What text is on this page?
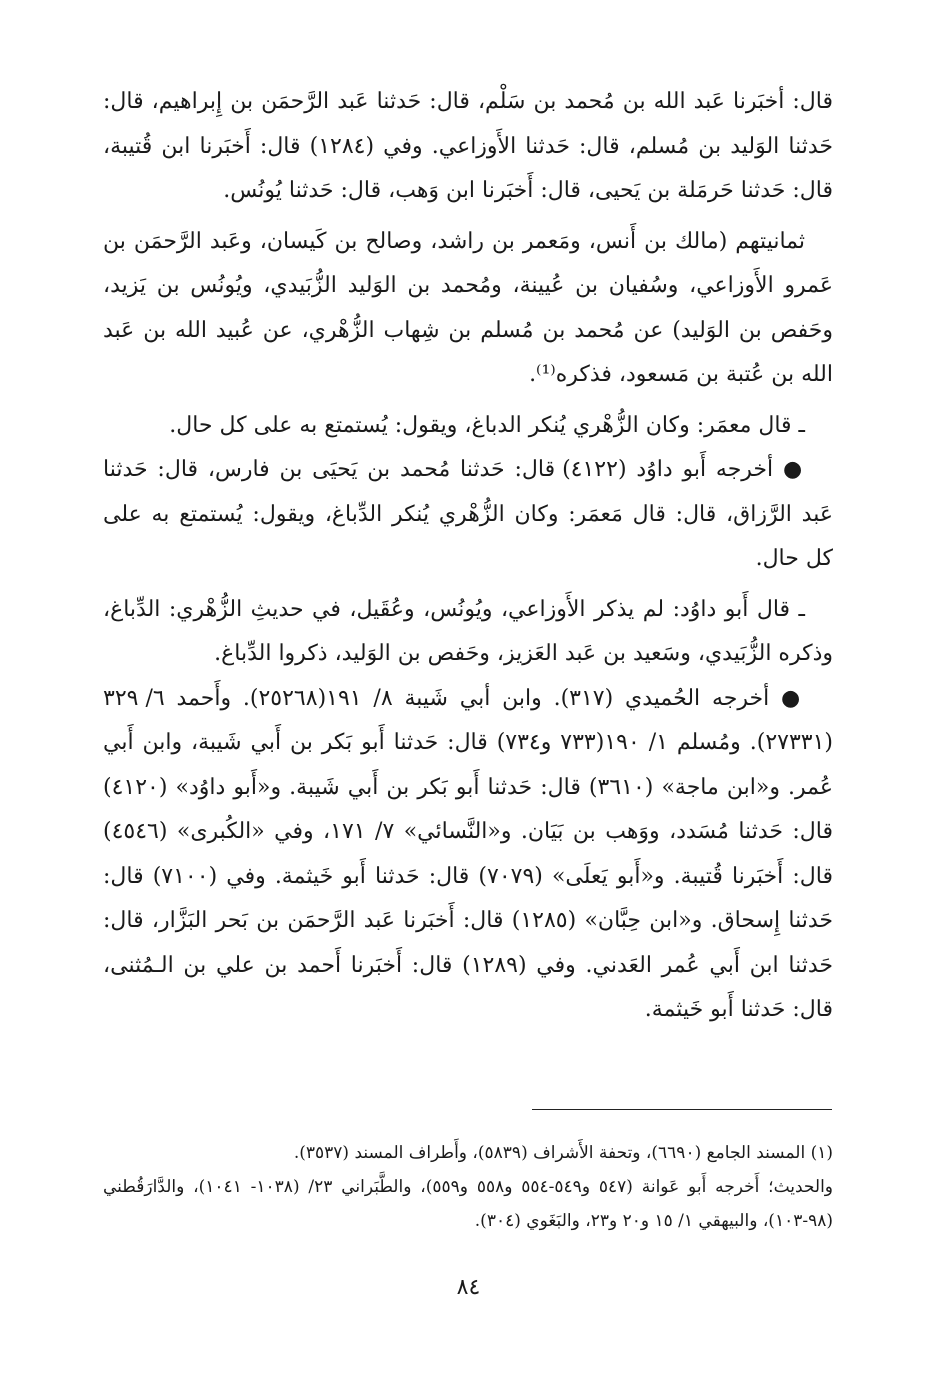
قال: أخبَرنا عَبد الله بن مُحمد بن سَلْم، قال: حَدثنا عَبد الرَّحمَن بن إِبراهيم، قال: حَدثنا الوَليد بن مُسلم، قال: حَدثنا الأَوزاعي. وفي (١٢٨٤) قال: أَخبَرنا ابن قُتيبة، قال: حَدثنا حَرمَلة بن يَحيى، قال: أَخبَرنا ابن وَهب، قال: حَدثنا يُونُس.

ثمانيتهم (مالك بن أَنس، ومَعمر بن راشد، وصالح بن كَيسان، وعَبد الرَّحمَن بن عَمرو الأَوزاعي، وسُفيان بن عُيينة، ومُحمد بن الوَليد الزُّبَيدي، ويُونُس بن يَزيد، وحَفص بن الوَليد) عن مُحمد بن مُسلم بن شِهاب الزُّهْري، عن عُبيد الله بن عَبد الله بن عُتبة بن مَسعود، فذكره⁽¹⁾.

ـ قال معمَر: وكان الزُّهْري يُنكر الدباغ، ويقول: يُستمتع به على كل حال.

● أخرجه أَبو داوُد (٤١٢٢) قال: حَدثنا مُحمد بن يَحيَى بن فارس، قال: حَدثنا عَبد الرَّزاق، قال: قال مَعمَر: وكان الزُّهْري يُنكر الدِّباغ، ويقول: يُستمتع به على كل حال.

ـ قال أَبو داوُد: لم يذكر الأَوزاعي، ويُونُس، وعُقَيل، في حديثِ الزُّهْري: الدِّباغ، وذكره الزُّبَيدي، وسَعيد بن عَبد العَزيز، وحَفص بن الوَليد، ذكروا الدِّباغ.

● أخرجه الحُميدي (٣١٧). وابن أبي شَيبة ٨/ ١٩١(٢٥٢٦٨). وأَحمد ٦/ ٣٢٩ (٢٧٣٣١). ومُسلم ١/ ١٩٠(٧٣٣ و٧٣٤) قال: حَدثنا أَبو بَكر بن أَبي شَيبة، وابن أَبي عُمر. و«ابن ماجة» (٣٦١٠) قال: حَدثنا أَبو بَكر بن أَبي شَيبة. و«أَبو داوُد» (٤١٢٠) قال: حَدثنا مُسَدد، ووَهب بن بَيَان. و«النَّسائي» ٧/ ١٧١، وفي «الكُبرى» (٤٥٤٦) قال: أَخبَرنا قُتيبة. و«أَبو يَعلَى» (٧٠٧٩) قال: حَدثنا أَبو خَيثمة. وفي (٧١٠٠) قال: حَدثنا إِسحاق. و«ابن حِبَّان» (١٢٨٥) قال: أَخبَرنا عَبد الرَّحمَن بن بَحر البَزَّار، قال: حَدثنا ابن أَبي عُمر العَدني. وفي (١٢٨٩) قال: أَخبَرنا أَحمد بن علي بن الـمُثنى، قال: حَدثنا أَبو خَيثمة.

(١) المسند الجامع (٦٦٩٠)، وتحفة الأَشراف (٥٨٣٩)، وأَطراف المسند (٣٥٣٧).

والحديث؛ أَخرجه أَبو عَوانة (٥٤٧ و٥٤٩-٥٥٤ و٥٥٨ و٥٥٩)، والطَّبَراني ٢٣/ (١٠٣٨- ١٠٤١)، والدَّارَقُطني (٩٨-١٠٣)، والبيهقي ١/ ١٥ و٢٠ و٢٣، والبَغَوي (٣٠٤).

٨٤
